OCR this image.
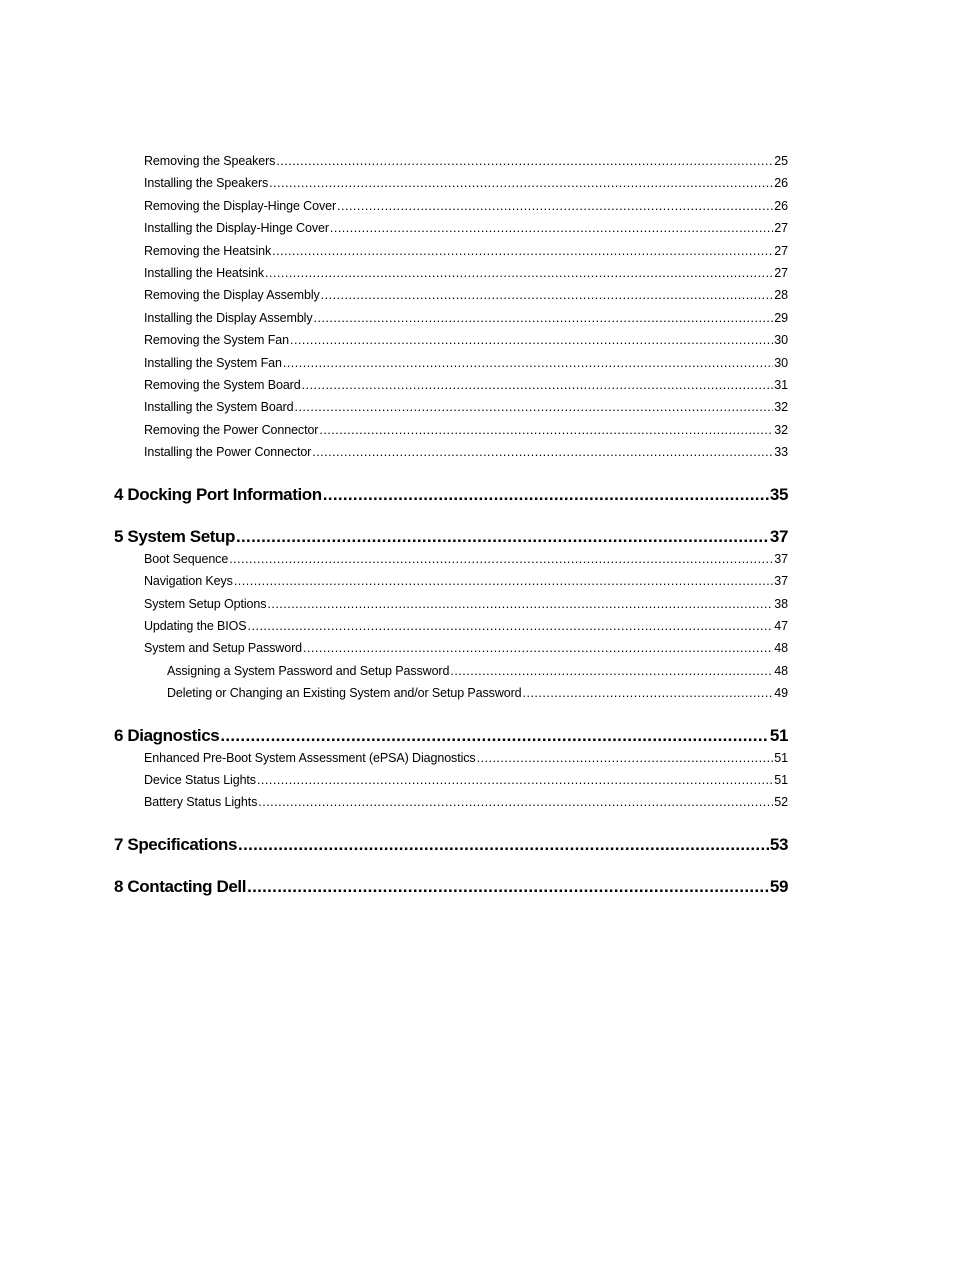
Removing the Speakers .....	25
Installing the Speakers .....	26
Removing the Display-Hinge Cover .....	26
Installing the Display-Hinge Cover .....	27
Removing the Heatsink .....	27
Installing the Heatsink .....	27
Removing the Display Assembly .....	28
Installing the Display Assembly .....	29
Removing the System Fan .....	30
Installing the System Fan .....	30
Removing the System Board .....	31
Installing the System Board .....	32
Removing the Power Connector .....	32
Installing the Power Connector .....	33
4 Docking Port Information .....	35
5 System Setup .....	37
Boot Sequence .....	37
Navigation Keys .....	37
System Setup Options .....	38
Updating the BIOS .....	47
System and Setup Password .....	48
Assigning a System Password and Setup Password .....	48
Deleting or Changing an Existing System and/or Setup Password .....	49
6 Diagnostics .....	51
Enhanced Pre-Boot System Assessment (ePSA) Diagnostics .....	51
Device Status Lights .....	51
Battery Status Lights .....	52
7 Specifications .....	53
8 Contacting Dell .....	59
